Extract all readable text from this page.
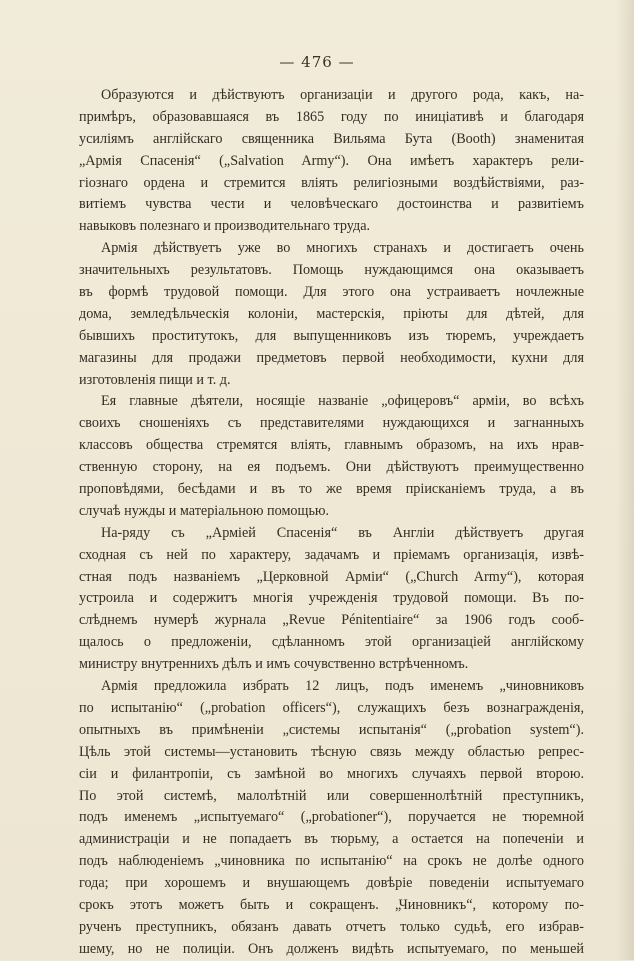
— 476 —
Образуются и дѣйствуютъ организаціи и другого рода, какъ, на-
примѣръ, образовавшаяся въ 1865 году по иниціативѣ и благодаря
усиліямъ англійскаго священника Вильяма Бута (Booth) знаменитая
„Армія Спасенія“ („Salvation Army“). Она имѣетъ характеръ рели-
гіознаго ордена и стремится вліять религіозными воздѣйствіями, раз-
витіемъ чувства чести и человѣческаго достоинства и развитіемъ
навыковъ полезнаго и производительнаго труда.
Армія дѣйствуетъ уже во многихъ странахъ и достигаетъ очень
значительныхъ результатовъ. Помощь нуждающимся она оказываетъ
въ формѣ трудовой помощи. Для этого она устраиваетъ ночлежные
дома, земледѣльческія колоніи, мастерскія, пріюты для дѣтей, для
бывшихъ проститутокъ, для выпущенниковъ изъ тюремъ, учреждаетъ
магазины для продажи предметовъ первой необходимости, кухни для
изготовленія пищи и т. д.
Ея главные дѣятели, носящіе названіе „офицеровъ“ арміи, во всѣхъ
своихъ сношеніяхъ съ представителями нуждающихся и загнанныхъ
классовъ общества стремятся вліять, главнымъ образомъ, на ихъ нрав-
ственную сторону, на ея подъемъ. Они дѣйствуютъ преимущественно
проповѣдями, бесѣдами и въ то же время пріисканіемъ труда, а въ
случаѣ нужды и матеріальною помощью.
На-ряду съ „Арміей Спасенія“ въ Англіи дѣйствуетъ другая
сходная съ ней по характеру, задачамъ и пріемамъ организація, извѣ-
стная подъ названіемъ „Церковной Арміи“ („Church Army“), которая
устроила и содержитъ многія учрежденія трудовой помощи. Въ по-
слѣднемъ нумерѣ журнала „Revue Pénitentiaire“ за 1906 годъ сооб-
щалось о предложеніи, сдѣланномъ этой организаціей англійскому
министру внутреннихъ дѣлъ и имъ сочувственно встрѣченномъ.
Армія предложила избрать 12 лицъ, подъ именемъ „чиновниковъ
по испытанію“ („probation officers“), служащихъ безъ вознагражденія,
опытныхъ въ примѣненіи „системы испытанія“ („probation system“).
Цѣль этой системы—установить тѣсную связь между областью репрес-
сіи и филантропіи, съ замѣной во многихъ случаяхъ первой второю.
По этой системѣ, малолѣтній или совершеннолѣтній преступникъ,
подъ именемъ „испытуемаго“ („probationer“), поручается не тюремной
администраціи и не попадаетъ въ тюрьму, а остается на попеченіи и
подъ наблюденіемъ „чиновника по испытанію“ на срокъ не долѣе одного
года; при хорошемъ и внушающемъ довѣріе поведеніи испытуемаго
срокъ этотъ можетъ быть и сокращенъ. „Чиновникъ“, которому по-
рученъ преступникъ, обязанъ давать отчетъ только судьѣ, его избрав-
шему, но не полиціи. Онъ долженъ видѣть испытуемаго, по меньшей
